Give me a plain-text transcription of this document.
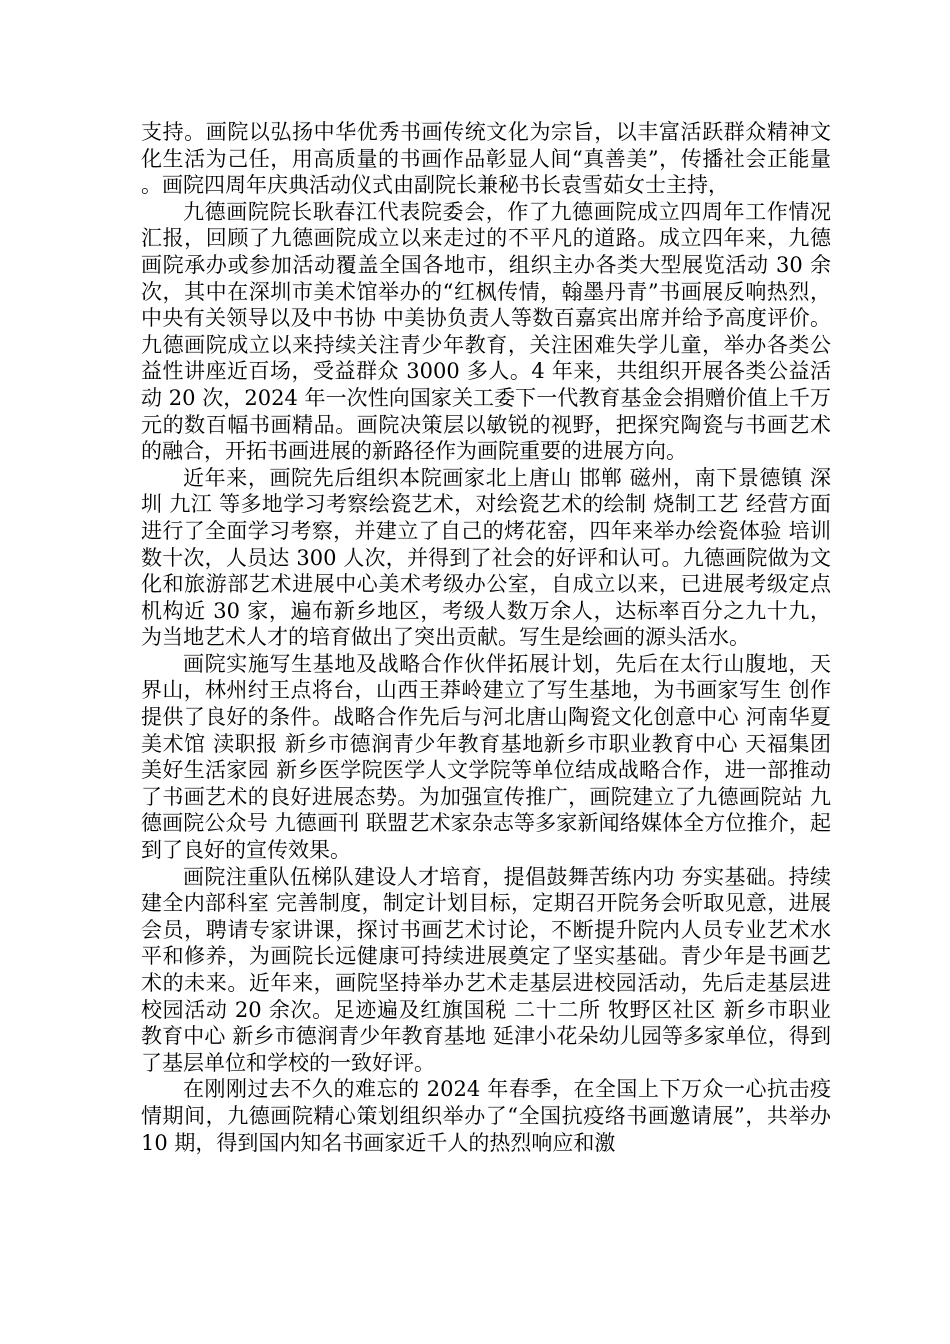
支持。画院以弘扬中华优秀书画传统文化为宗旨，以丰富活跃群众精神文化生活为己任，用高质量的书画作品彰显人间“真善美”，传播社会正能量。画院四周年庆典活动仪式由副院长兼秘书长袁雪茹女士主持，

九德画院院长耿春江代表院委会，作了九德画院成立四周年工作情况汇报，回顾了九德画院成立以来走过的不平凡的道路。成立四年来，九德画院承办或参加活动覆盖全国各地市，组织主办各类大型展览活动 30 余次，其中在深圳市美术馆举办的“红枫传情，翰墨丹青”书画展反响热烈，中央有关领导以及中书协 中美协负责人等数百嘉宾出席并给予高度评价。九德画院成立以来持续关注青少年教育，关注困难失学儿童，举办各类公益性讲座近百场，受益群众 3000 多人。4 年来，共组织开展各类公益活动 20 次，2024 年一次性向国家关工委下一代教育基金会捐赠价值上千万元的数百幅书画精品。画院决策层以敏锐的视野，把探究陶瓷与书画艺术的融合，开拓书画进展的新路径作为画院重要的进展方向。

近年来，画院先后组织本院画家北上唐山 邯郸 磁州，南下景德镇 深圳 九江 等多地学习考察绘瓷艺术，对绘瓷艺术的绘制 烧制工艺 经营方面进行了全面学习考察，并建立了自己的烤花窑，四年来举办绘瓷体验 培训数十次，人员达 300 人次，并得到了社会的好评和认可。九德画院做为文化和旅游部艺术进展中心美术考级办公室，自成立以来，已进展考级定点机构近 30 家，遍布新乡地区，考级人数万余人，达标率百分之九十九，为当地艺术人才的培育做出了突出贡献。写生是绘画的源头活水。

画院实施写生基地及战略合作伙伴拓展计划，先后在太行山腹地，天界山，林州纣王点将台，山西王莽岭建立了写生基地，为书画家写生 创作提供了良好的条件。战略合作先后与河北唐山陶瓷文化创意中心 河南华夏美术馆 渎职报 新乡市德润青少年教育基地新乡市职业教育中心 天福集团美好生活家园 新乡医学院医学人文学院等单位结成战略合作，进一部推动了书画艺术的良好进展态势。为加强宣传推广，画院建立了九德画院站 九德画院公众号 九德画刊 联盟艺术家杂志等多家新闻络媒体全方位推介，起到了良好的宣传效果。

画院注重队伍梯队建设人才培育，提倡鼓舞苦练内功 夯实基础。持续建全内部科室 完善制度，制定计划目标，定期召开院务会听取见意，进展会员，聘请专家讲课，探讨书画艺术讨论，不断提升院内人员专业艺术水平和修养，为画院长远健康可持续进展奠定了坚实基础。青少年是书画艺术的未来。近年来，画院坚持举办艺术走基层进校园活动，先后走基层进校园活动 20 余次。足迹遍及红旗国税 二十二所 牧野区社区 新乡市职业教育中心 新乡市德润青少年教育基地 延津小花朵幼儿园等多家单位，得到了基层单位和学校的一致好评。

在刚刚过去不久的难忘的 2024 年春季，在全国上下万众一心抗击疫情期间，九德画院精心策划组织举办了“全国抗疫络书画邀请展”，共举办 10 期，得到国内知名书画家近千人的热烈响应和激
